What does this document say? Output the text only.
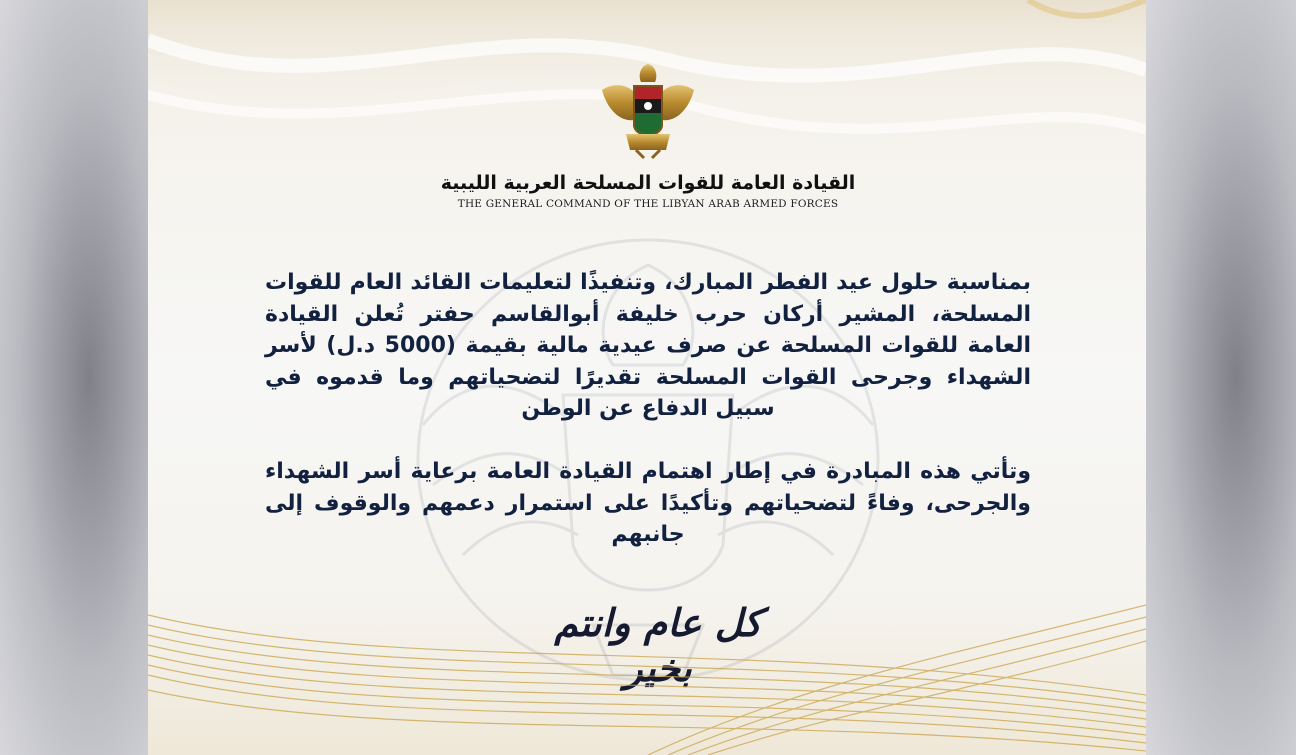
القيادة العامة للقوات المسلحة العربية الليبية
THE GENERAL COMMAND OF THE LIBYAN ARAB ARMED FORCES
بمناسبة حلول عيد الفطر المبارك، وتنفيذًا لتعليمات القائد العام للقوات المسلحة، المشير أركان حرب خليفة أبوالقاسم حفتر تُعلن القيادة العامة للقوات المسلحة عن صرف عيدية مالية بقيمة (5000 د.ل) لأسر الشهداء وجرحى القوات المسلحة تقديرًا لتضحياتهم وما قدموه في سبيل الدفاع عن الوطن
وتأتي هذه المبادرة في إطار اهتمام القيادة العامة برعاية أسر الشهداء والجرحى، وفاءً لتضحياتهم وتأكيدًا على استمرار دعمهم والوقوف إلى جانبهم
كل عام وانتم بخير
